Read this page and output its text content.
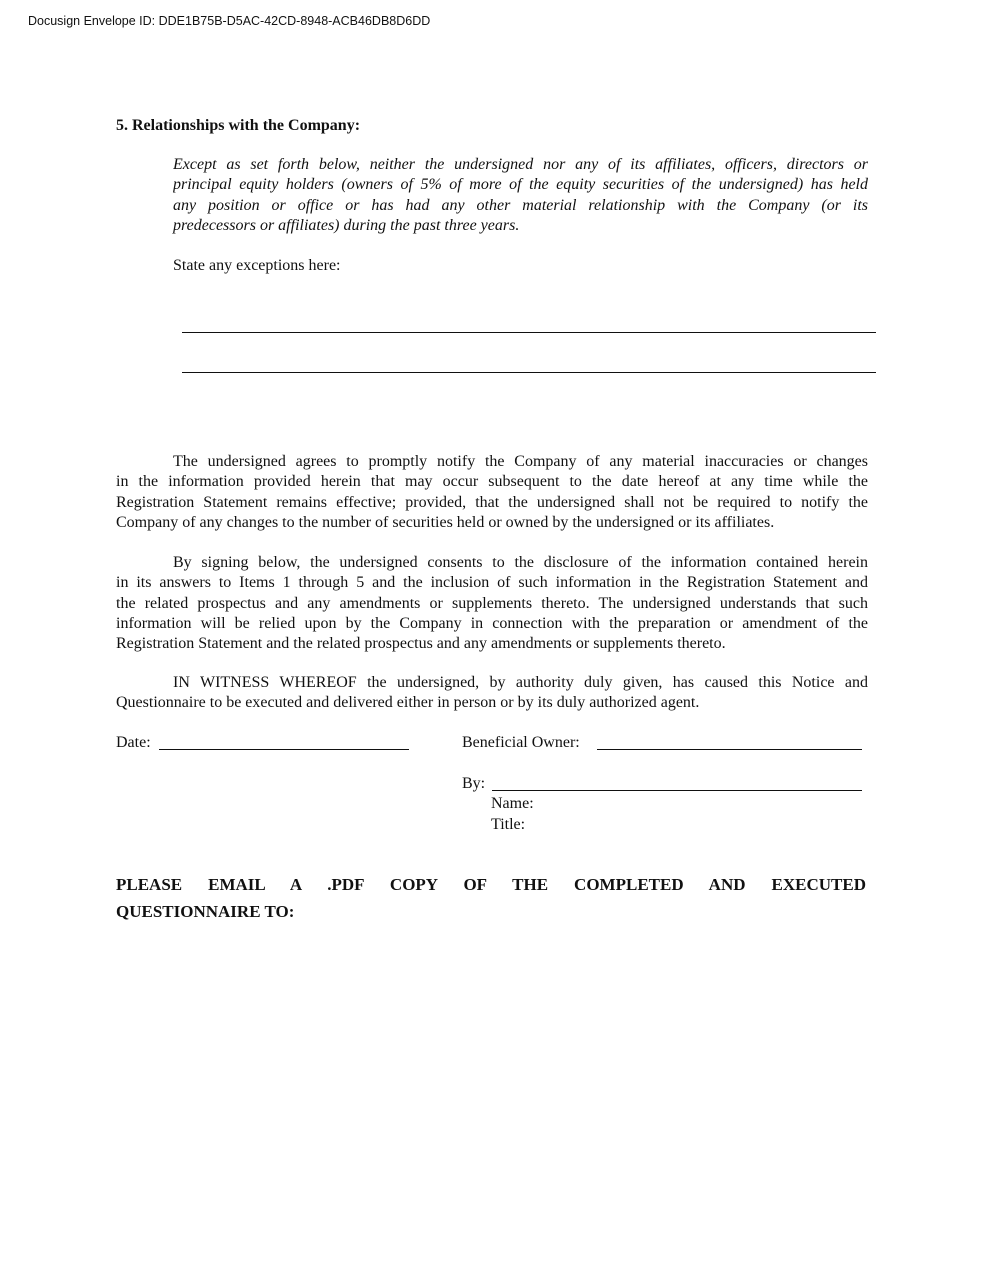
Docusign Envelope ID: DDE1B75B-D5AC-42CD-8948-ACB46DB8D6DD
5. Relationships with the Company:
Except as set forth below, neither the undersigned nor any of its affiliates, officers, directors or
principal equity holders (owners of 5% of more of the equity securities of the undersigned) has held
any position or office or has had any other material relationship with the Company (or its
predecessors or affiliates) during the past three years.
State any exceptions here:
The undersigned agrees to promptly notify the Company of any material inaccuracies or changes
in the information provided herein that may occur subsequent to the date hereof at any time while the
Registration Statement remains effective; provided, that the undersigned shall not be required to notify the
Company of any changes to the number of securities held or owned by the undersigned or its affiliates.
By signing below, the undersigned consents to the disclosure of the information contained herein
in its answers to Items 1 through 5 and the inclusion of such information in the Registration Statement and
the related prospectus and any amendments or supplements thereto. The undersigned understands that such
information will be relied upon by the Company in connection with the preparation or amendment of the
Registration Statement and the related prospectus and any amendments or supplements thereto.
IN WITNESS WHEREOF the undersigned, by authority duly given, has caused this Notice and
Questionnaire to be executed and delivered either in person or by its duly authorized agent.
Date:	Beneficial Owner:
By:
Name:
Title:
PLEASE EMAIL A .PDF COPY OF THE COMPLETED AND EXECUTED
QUESTIONNAIRE TO:
